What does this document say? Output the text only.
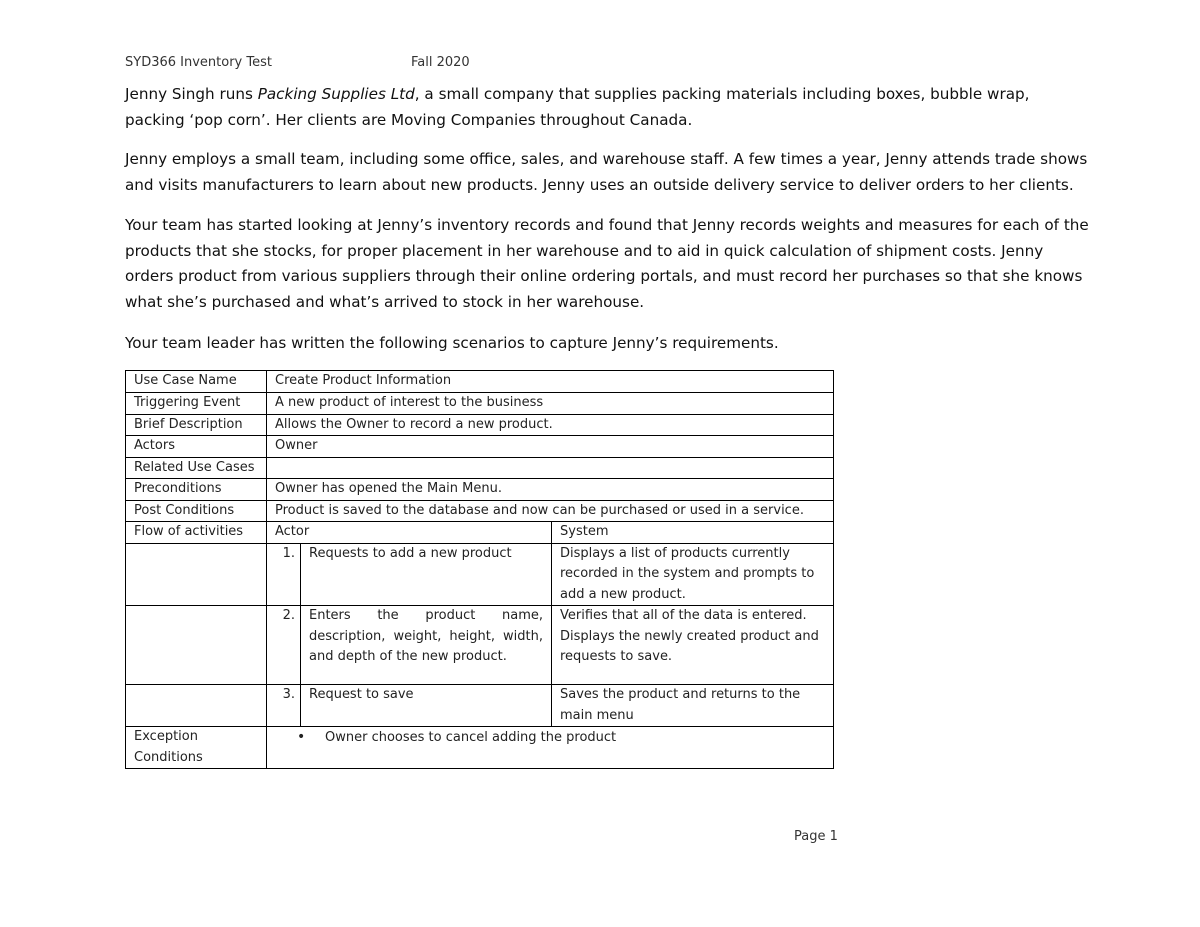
SYD366 Inventory Test	Fall 2020

Jenny Singh runs Packing Supplies Ltd, a small company that supplies packing materials including boxes, bubble wrap, packing ‘pop corn’. Her clients are Moving Companies throughout Canada.

Jenny employs a small team, including some office, sales, and warehouse staff. A few times a year, Jenny attends trade shows and visits manufacturers to learn about new products. Jenny uses an outside delivery service to deliver orders to her clients.

Your team has started looking at Jenny’s inventory records and found that Jenny records weights and measures for each of the products that she stocks, for proper placement in her warehouse and to aid in quick calculation of shipment costs. Jenny orders product from various suppliers through their online ordering portals, and must record her purchases so that she knows what she’s purchased and what’s arrived to stock in her warehouse.

Your team leader has written the following scenarios to capture Jenny’s requirements.

Use Case Name	Create Product Information		
Triggering Event	A new product of interest to the business		
Brief Description	Allows the Owner to record a new product.		
Actors	Owner		
Related Use Cases			
Preconditions	Owner has opened the Main Menu.		
Post Conditions	Product is saved to the database and now can be purchased or used in a service.		
Flow of activities	Actor		System
	1.	Requests to add a new product	Displays a list of products currently recorded in the system and prompts to add a new product.
	2.	Enters the product name, description, weight, height, width, and depth of the new product.	Verifies that all of the data is entered. Displays the newly created product and requests to save.
	3.	Request to save	Saves the product and returns to the main menu
Exception Conditions	• Owner chooses to cancel adding the product		
Page 1
